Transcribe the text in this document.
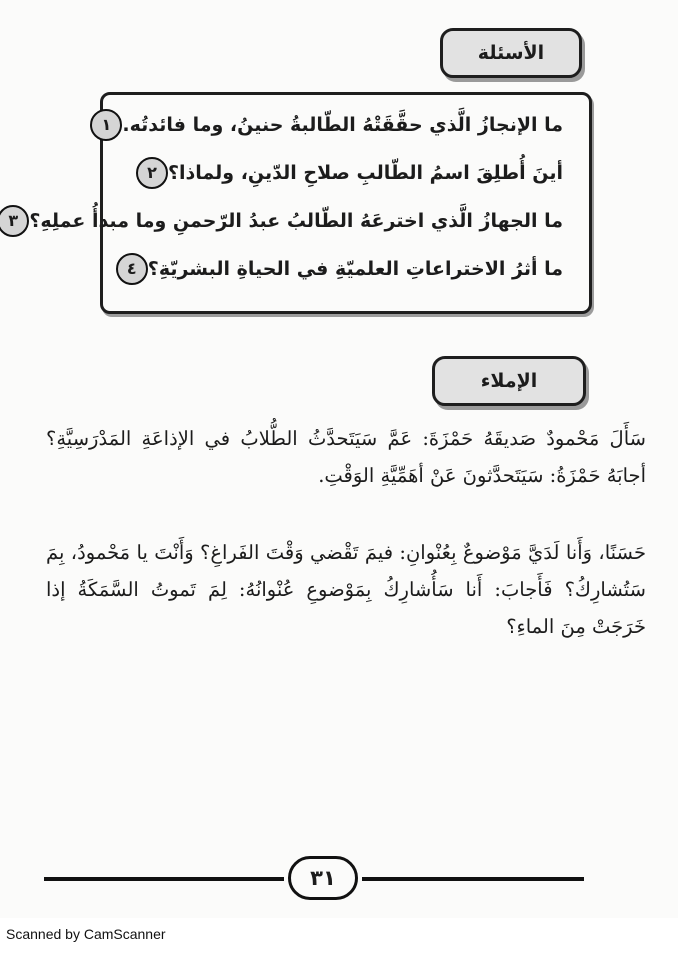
الأسئلة
١ ما الإنجازُ الَّذي حقَّقَتْهُ الطّالبةُ حنينُ، وما فائدتُه.
٢ أينَ أُطلِقَ اسمُ الطّالبِ صلاحِ الدّينِ، ولماذا؟
٣ ما الجهازُ الَّذي اخترعَهُ الطّالبُ عبدُ الرّحمنِ وما مبدأُ عملِهِ؟
٤ ما أثرُ الاختراعاتِ العلميّةِ في الحياةِ البشريّةِ؟
الإملاء

سَأَلَ مَحْمودٌ صَديقَهُ حَمْزَةَ: عَمَّ سَيَتَحدَّثُ الطُّلابُ في الإذاعَةِ المَدْرَسِيَّةِ؟ أجابَهُ حَمْزَةُ: سَيَتَحدَّثونَ عَنْ أهَمِّيَّةِ الوَقْتِ.

حَسَنًا، وَأَنا لَدَيَّ مَوْضوعٌ بِعُنْوانِ: فيمَ تَقْضي وَقْتَ الفَراغِ؟ وَأَنْتَ يا مَحْمودُ، بِمَ سَتُشارِكُ؟ فَأَجابَ: أَنا سَأُشارِكُ بِمَوْضوعِ عُنْوانُهُ: لِمَ تَموتُ السَّمَكَةُ إذا خَرَجَتْ مِنَ الماءِ؟

٣١
Scanned by CamScanner
